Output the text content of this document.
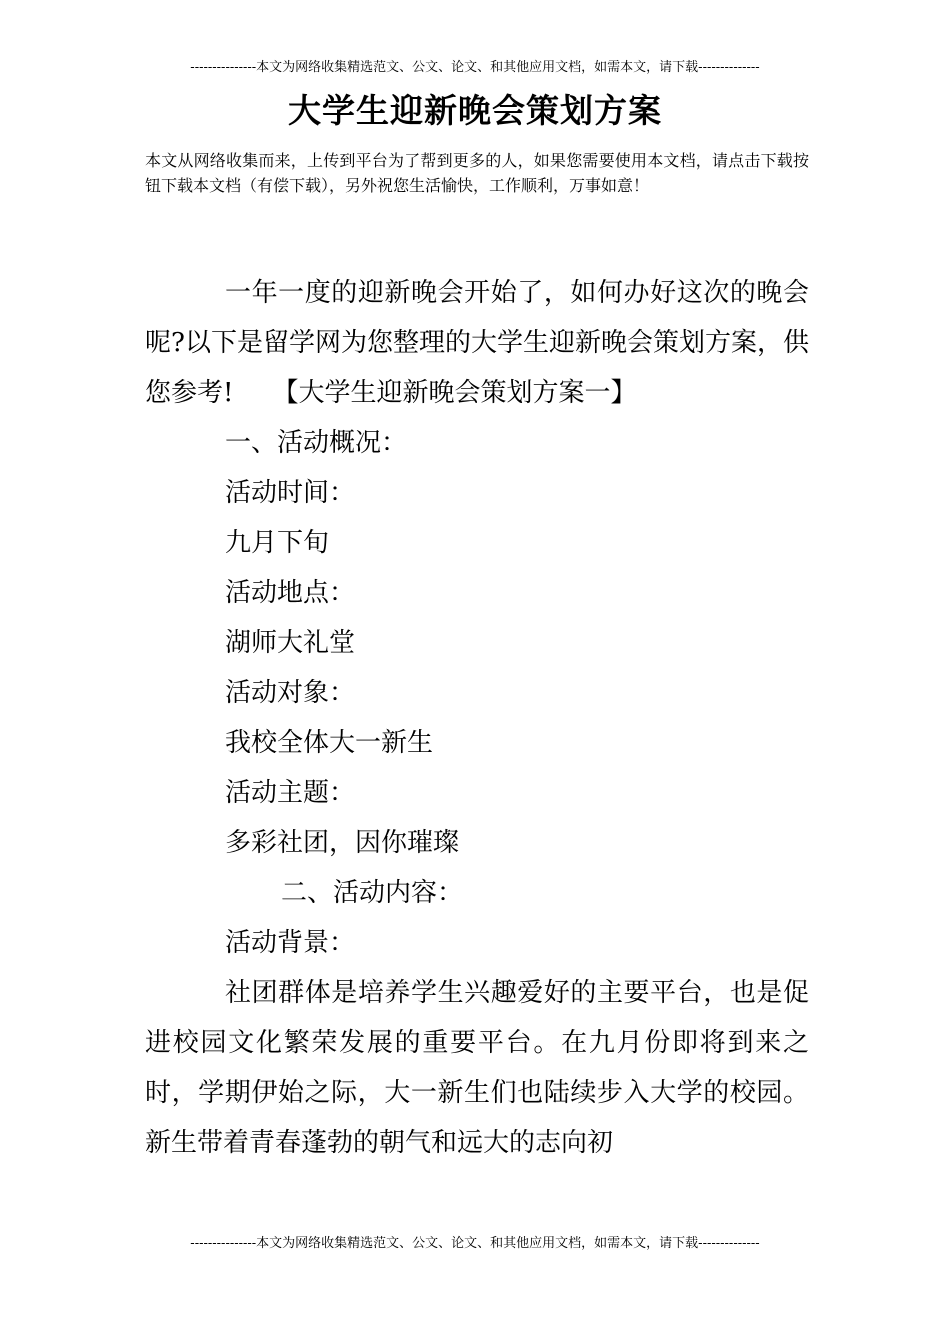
---------------本文为网络收集精选范文、公文、论文、和其他应用文档，如需本文，请下载--------------
大学生迎新晚会策划方案
本文从网络收集而来，上传到平台为了帮到更多的人，如果您需要使用本文档，请点击下载按钮下载本文档（有偿下载），另外祝您生活愉快，工作顺利，万事如意！

一年一度的迎新晚会开始了，如何办好这次的晚会呢?以下是留学网为您整理的大学生迎新晚会策划方案，供您参考!　　【大学生迎新晚会策划方案一】

一、活动概况：

活动时间：

九月下旬

活动地点：

湖师大礼堂

活动对象：

我校全体大一新生

活动主题：

多彩社团，因你璀璨

二、活动内容：

活动背景：

社团群体是培养学生兴趣爱好的主要平台，也是促进校园文化繁荣发展的重要平台。在九月份即将到来之时，学期伊始之际，大一新生们也陆续步入大学的校园。新生带着青春蓬勃的朝气和远大的志向初

---------------本文为网络收集精选范文、公文、论文、和其他应用文档，如需本文，请下载--------------
